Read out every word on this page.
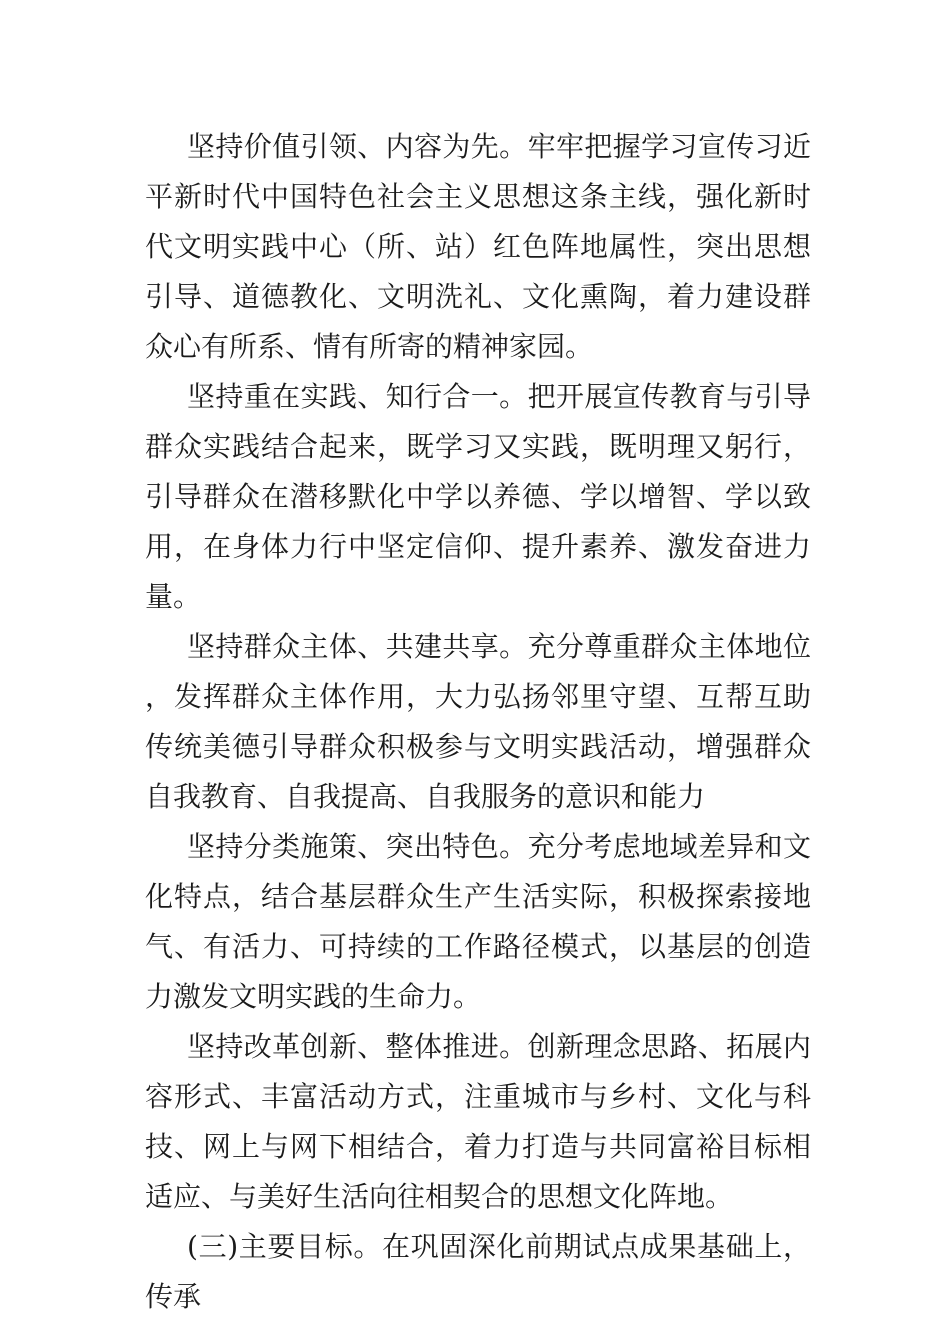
坚持价值引领、内容为先。牢牢把握学习宣传习近平新时代中国特色社会主义思想这条主线，强化新时代文明实践中心（所、站）红色阵地属性，突出思想引导、道德教化、文明洗礼、文化熏陶，着力建设群众心有所系、情有所寄的精神家园。

坚持重在实践、知行合一。把开展宣传教育与引导群众实践结合起来，既学习又实践，既明理又躬行，引导群众在潜移默化中学以养德、学以增智、学以致用，在身体力行中坚定信仰、提升素养、激发奋进力量。

坚持群众主体、共建共享。充分尊重群众主体地位，发挥群众主体作用，大力弘扬邻里守望、互帮互助传统美德引导群众积极参与文明实践活动，增强群众自我教育、自我提高、自我服务的意识和能力

坚持分类施策、突出特色。充分考虑地域差异和文化特点，结合基层群众生产生活实际，积极探索接地气、有活力、可持续的工作路径模式，以基层的创造力激发文明实践的生命力。

坚持改革创新、整体推进。创新理念思路、拓展内容形式、丰富活动方式，注重城市与乡村、文化与科技、网上与网下相结合，着力打造与共同富裕目标相适应、与美好生活向往相契合的思想文化阵地。

(三)主要目标。在巩固深化前期试点成果基础上，传承
